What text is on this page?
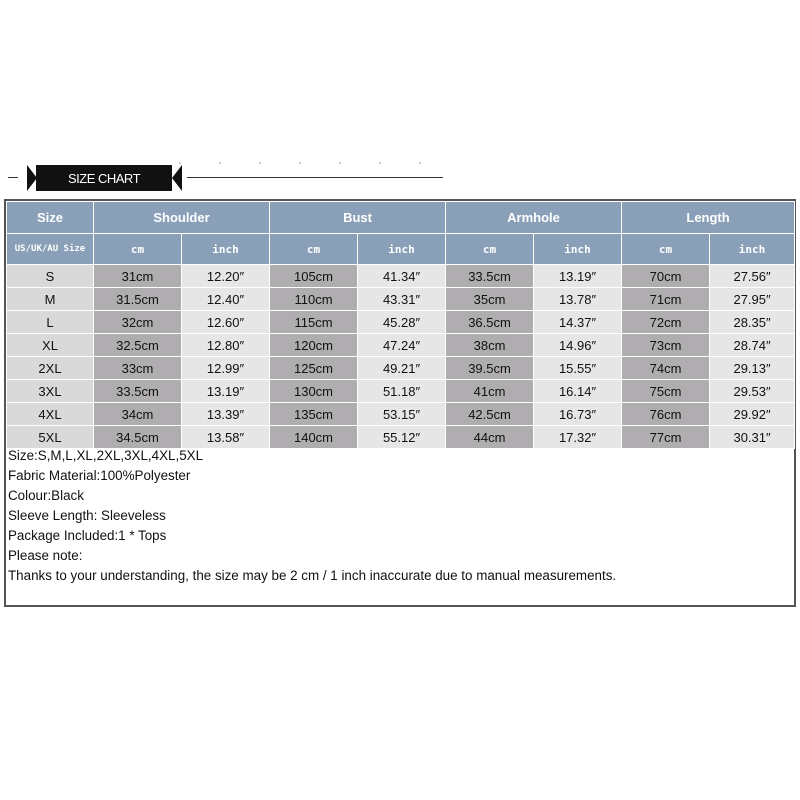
SIZE CHART
Size	Shoulder		Bust		Armhole		Length	
US/UK/AU Size	cm	inch	cm	inch	cm	inch	cm	inch
S	31cm	12.20″	105cm	41.34″	33.5cm	13.19″	70cm	27.56″
M	31.5cm	12.40″	110cm	43.31″	35cm	13.78″	71cm	27.95″
L	32cm	12.60″	115cm	45.28″	36.5cm	14.37″	72cm	28.35″
XL	32.5cm	12.80″	120cm	47.24″	38cm	14.96″	73cm	28.74″
2XL	33cm	12.99″	125cm	49.21″	39.5cm	15.55″	74cm	29.13″
3XL	33.5cm	13.19″	130cm	51.18″	41cm	16.14″	75cm	29.53″
4XL	34cm	13.39″	135cm	53.15″	42.5cm	16.73″	76cm	29.92″
5XL	34.5cm	13.58″	140cm	55.12″	44cm	17.32″	77cm	30.31″
Size:S,M,L,XL,2XL,3XL,4XL,5XL
Fabric Material:100%Polyester
Colour:Black
Sleeve Length: Sleeveless
Package Included:1 * Tops
Please note:
Thanks to your understanding, the size may be 2 cm / 1 inch inaccurate due to manual measurements.
